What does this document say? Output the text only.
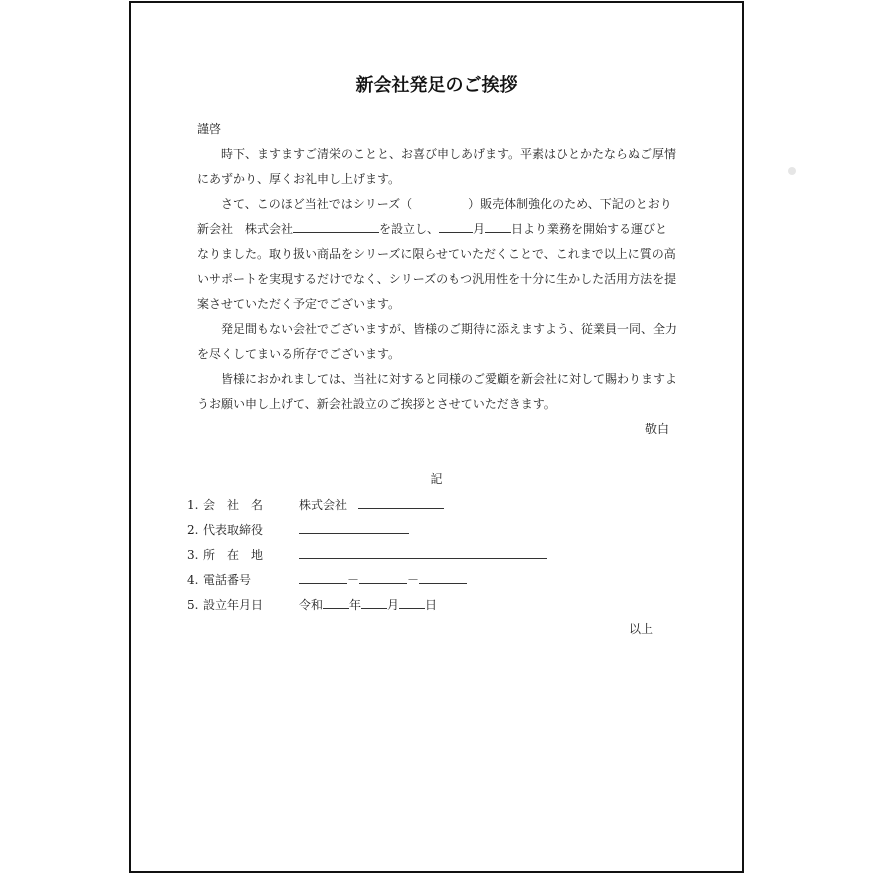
新会社発足のご挨拶

謹啓

時下、ますますご清栄のことと、お喜び申しあげます。平素はひとかたならぬご厚情にあずかり、厚くお礼申し上げます。

さて、このほど当社ではシリーズ（	）販売体制強化のため、下記のとおり新会社　株式会社	を設立し、	月 日より業務を開始する運びとなりました。取り扱い商品をシリーズに限らせていただくことで、これまで以上に質の高いサポートを実現するだけでなく、シリーズのもつ汎用性を十分に生かした活用方法を提案させていただく予定でございます。

発足間もない会社でございますが、皆様のご期待に添えますよう、従業員一同、全力を尽くしてまいる所存でございます。

皆様におかれましては、当社に対すると同様のご愛顧を新会社に対して賜わりますようお願い申し上げて、新会社設立のご挨拶とさせていただきます。

敬白

記
1. 会　社　名	株式会社
2. 代表取締役
3. 所　在　地
4. 電話番号	－	－
5. 設立年月日	令和 年 月 日
以上
